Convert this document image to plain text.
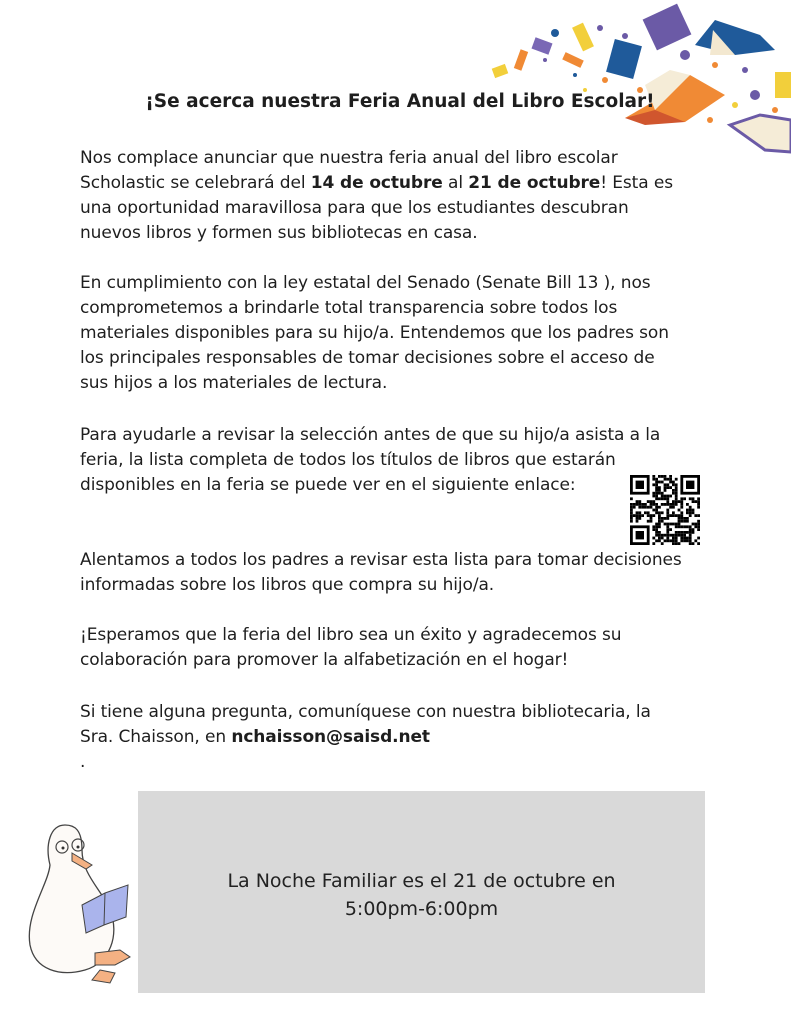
¡Se acerca nuestra Feria Anual del Libro Escolar!
Nos complace anunciar que nuestra feria anual del libro escolar
Scholastic se celebrará del 14 de octubre al 21 de octubre! Esta es
una oportunidad maravillosa para que los estudiantes descubran
nuevos libros y formen sus bibliotecas en casa.
En cumplimiento con la ley estatal del Senado (Senate Bill 13 ), nos
comprometemos a brindarle total transparencia sobre todos los
materiales disponibles para su hijo/a. Entendemos que los padres son
los principales responsables de tomar decisiones sobre el acceso de
sus hijos a los materiales de lectura.
Para ayudarle a revisar la selección antes de que su hijo/a asista a la
feria, la lista completa de todos los títulos de libros que estarán
disponibles en la feria se puede ver en el siguiente enlace:
Alentamos a todos los padres a revisar esta lista para tomar decisiones
informadas sobre los libros que compra su hijo/a.
¡Esperamos que la feria del libro sea un éxito y agradecemos su
colaboración para promover la alfabetización en el hogar!
Si tiene alguna pregunta, comuníquese con nuestra bibliotecaria, la
Sra. Chaisson, en nchaisson@saisd.net
.
La Noche Familiar es el 21 de octubre en
5:00pm-6:00pm
